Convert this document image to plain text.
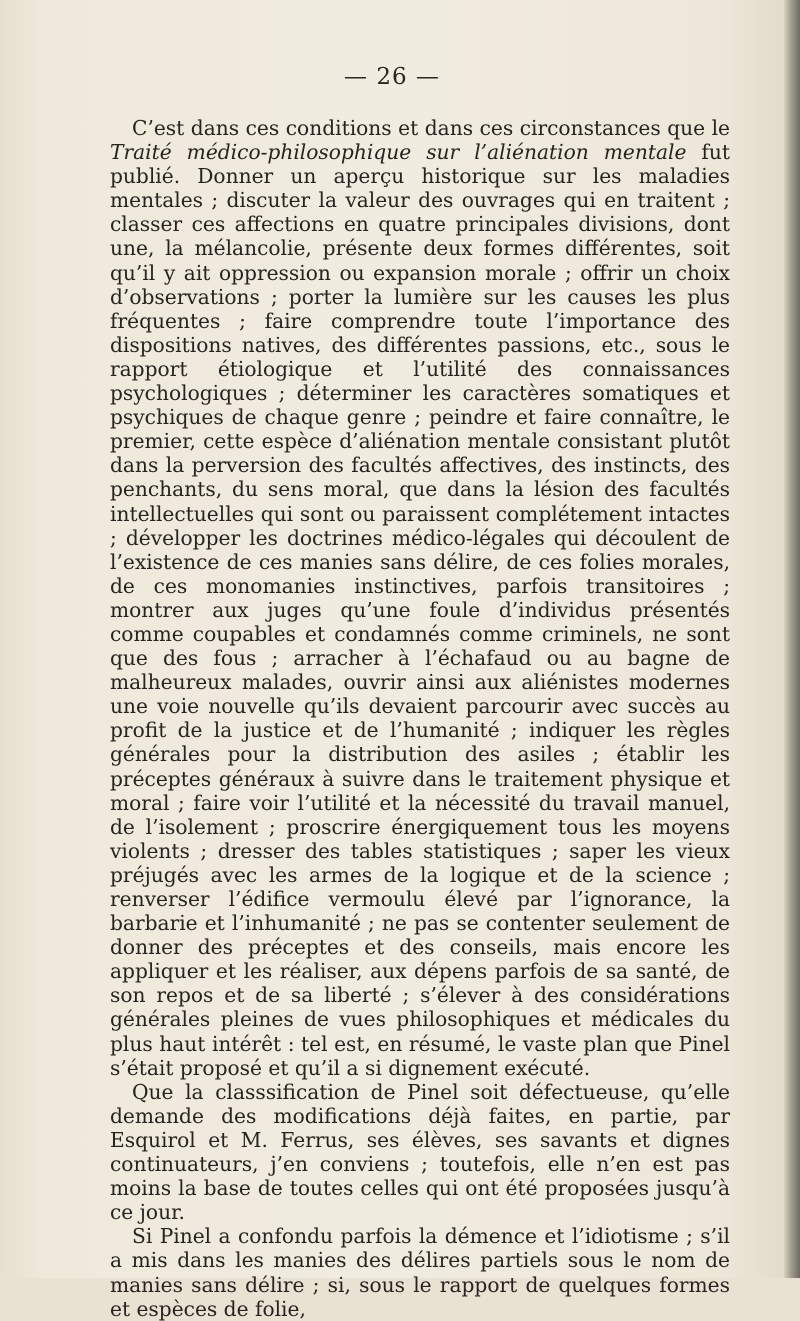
— 26 —

C’est dans ces conditions et dans ces circonstances que le Traité médico-philosophique sur l’aliénation mentale fut publié. Donner un aperçu historique sur les maladies mentales ; discuter la valeur des ouvrages qui en traitent ; classer ces affections en quatre principales divisions, dont une, la mélancolie, présente deux formes différentes, soit qu’il y ait oppression ou expansion morale ; offrir un choix d’observations ; porter la lumière sur les causes les plus fréquentes ; faire comprendre toute l’importance des dispositions natives, des différentes passions, etc., sous le rapport étiologique et l’utilité des connaissances psychologiques ; déterminer les caractères somatiques et psychiques de chaque genre ; peindre et faire connaître, le premier, cette espèce d’aliénation mentale consistant plutôt dans la perversion des facultés affectives, des instincts, des penchants, du sens moral, que dans la lésion des facultés intellectuelles qui sont ou paraissent complétement intactes ; développer les doctrines médico-légales qui découlent de l’existence de ces manies sans délire, de ces folies morales, de ces monomanies instinctives, parfois transitoires ; montrer aux juges qu’une foule d’individus présentés comme coupables et condamnés comme criminels, ne sont que des fous ; arracher à l’échafaud ou au bagne de malheureux malades, ouvrir ainsi aux aliénistes modernes une voie nouvelle qu’ils devaient parcourir avec succès au profit de la justice et de l’humanité ; indiquer les règles générales pour la distribution des asiles ; établir les préceptes généraux à suivre dans le traitement physique et moral ; faire voir l’utilité et la nécessité du travail manuel, de l’isolement ; proscrire énergiquement tous les moyens violents ; dresser des tables statistiques ; saper les vieux préjugés avec les armes de la logique et de la science ; renverser l’édifice vermoulu élevé par l’ignorance, la barbarie et l’inhumanité ; ne pas se contenter seulement de donner des préceptes et des conseils, mais encore les appliquer et les réaliser, aux dépens parfois de sa santé, de son repos et de sa liberté ; s’élever à des considérations générales pleines de vues philosophiques et médicales du plus haut intérêt : tel est, en résumé, le vaste plan que Pinel s’était proposé et qu’il a si dignement exécuté.

Que la classsification de Pinel soit défectueuse, qu’elle demande des modifications déjà faites, en partie, par Esquirol et M. Ferrus, ses élèves, ses savants et dignes continuateurs, j’en conviens ; toutefois, elle n’en est pas moins la base de toutes celles qui ont été proposées jusqu’à ce jour.

Si Pinel a confondu parfois la démence et l’idiotisme ; s’il a mis dans les manies des délires partiels sous le nom de manies sans délire ; si, sous le rapport de quelques formes et espèces de folie,
